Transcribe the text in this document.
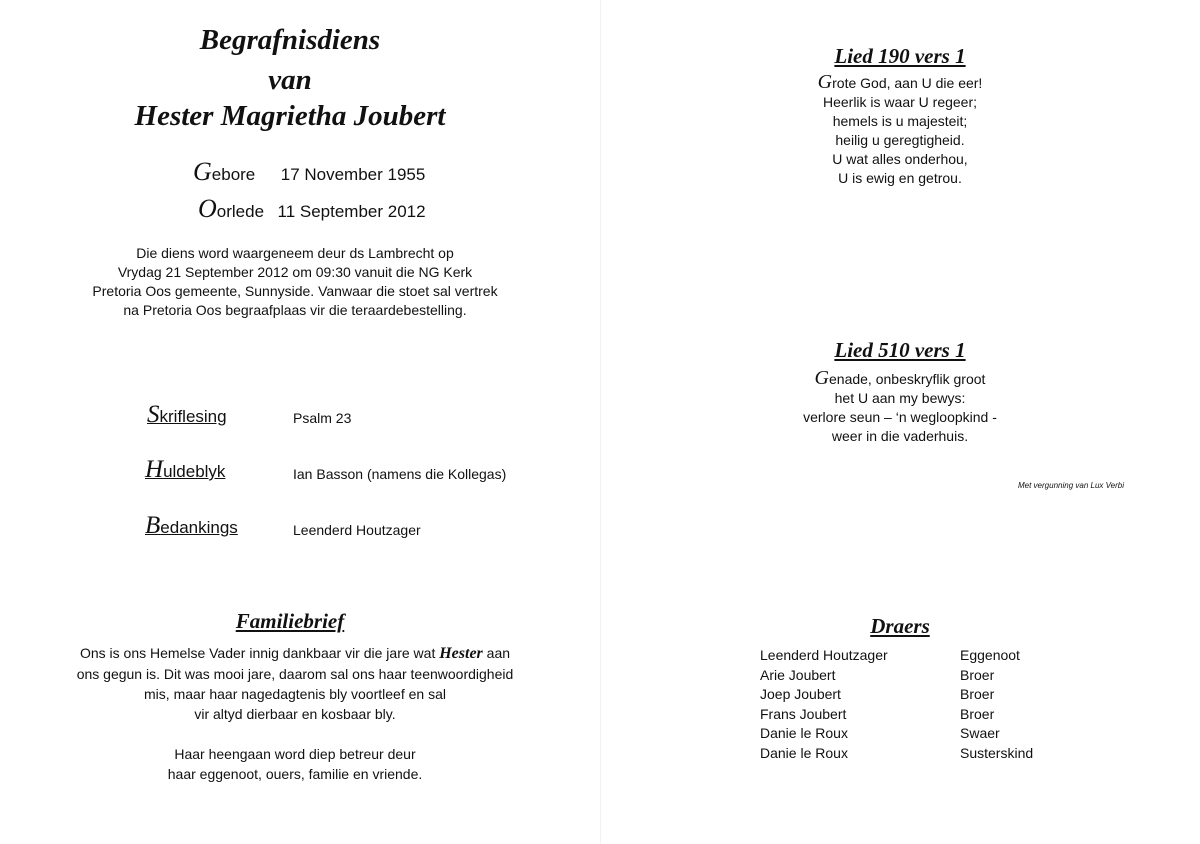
Begrafnisdiens
van
Hester Magrietha Joubert
Gebore 17 November 1955
Oorlede 11 September 2012
Die diens word waargeneem deur ds Lambrecht op
Vrydag 21 September 2012 om 09:30 vanuit die NG Kerk
Pretoria Oos gemeente, Sunnyside. Vanwaar die stoet sal vertrek
na Pretoria Oos begraafplaas vir die teraardebestelling.
Skriflesing	Psalm 23
Huldeblyk	Ian Basson (namens die Kollegas)
Bedankings	Leenderd Houtzager
Familiebrief
Ons is ons Hemelse Vader innig dankbaar vir die jare wat Hester aan
ons gegun is. Dit was mooi jare, daarom sal ons haar teenwoordigheid
mis, maar haar nagedagtenis bly voortleef en sal
vir altyd dierbaar en kosbaar bly.
Haar heengaan word diep betreur deur
haar eggenoot, ouers, familie en vriende.
Lied 190 vers 1
Grote God, aan U die eer!
Heerlik is waar U regeer;
hemels is u majesteit;
heilig u geregtigheid.
U wat alles onderhou,
U is ewig en getrou.
Lied 510 vers 1
Genade, onbeskryflik groot
het U aan my bewys:
verlore seun – ‘n wegloopkind -
weer in die vaderhuis.
Met vergunning van Lux Verbi
Draers
Leenderd Houtzager	Eggenoot
Arie Joubert	Broer
Joep Joubert	Broer
Frans Joubert	Broer
Danie le Roux	Swaer
Danie le Roux	Susterskind
